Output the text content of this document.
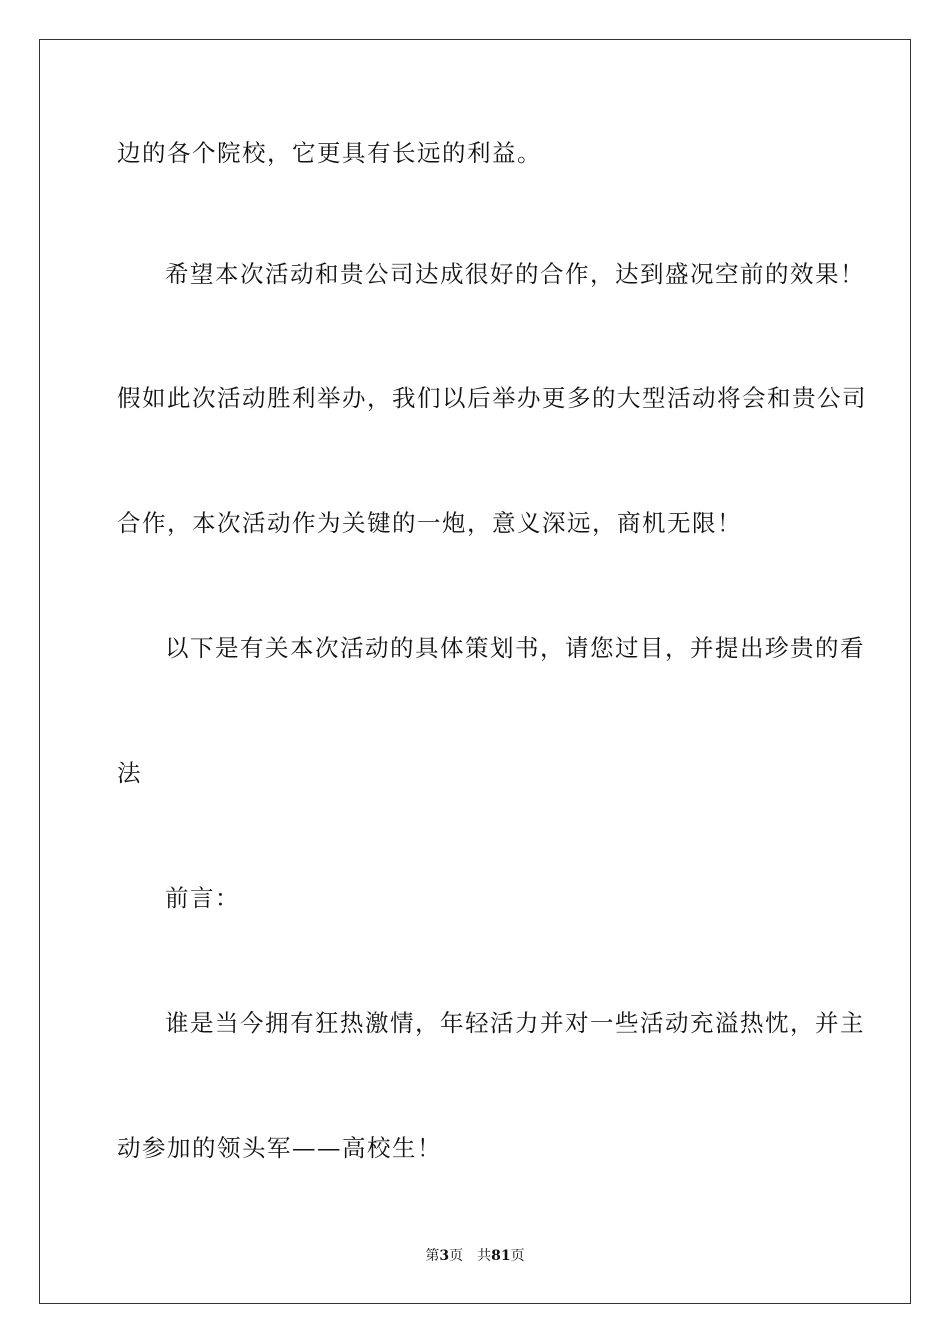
边的各个院校，它更具有长远的利益。
希望本次活动和贵公司达成很好的合作，达到盛况空前的效果！
假如此次活动胜利举办，我们以后举办更多的大型活动将会和贵公司
合作，本次活动作为关键的一炮，意义深远，商机无限！
以下是有关本次活动的具体策划书，请您过目，并提出珍贵的看
法
前言：
谁是当今拥有狂热激情，年轻活力并对一些活动充溢热忱，并主
动参加的领头军——高校生！
第3页 共81页
